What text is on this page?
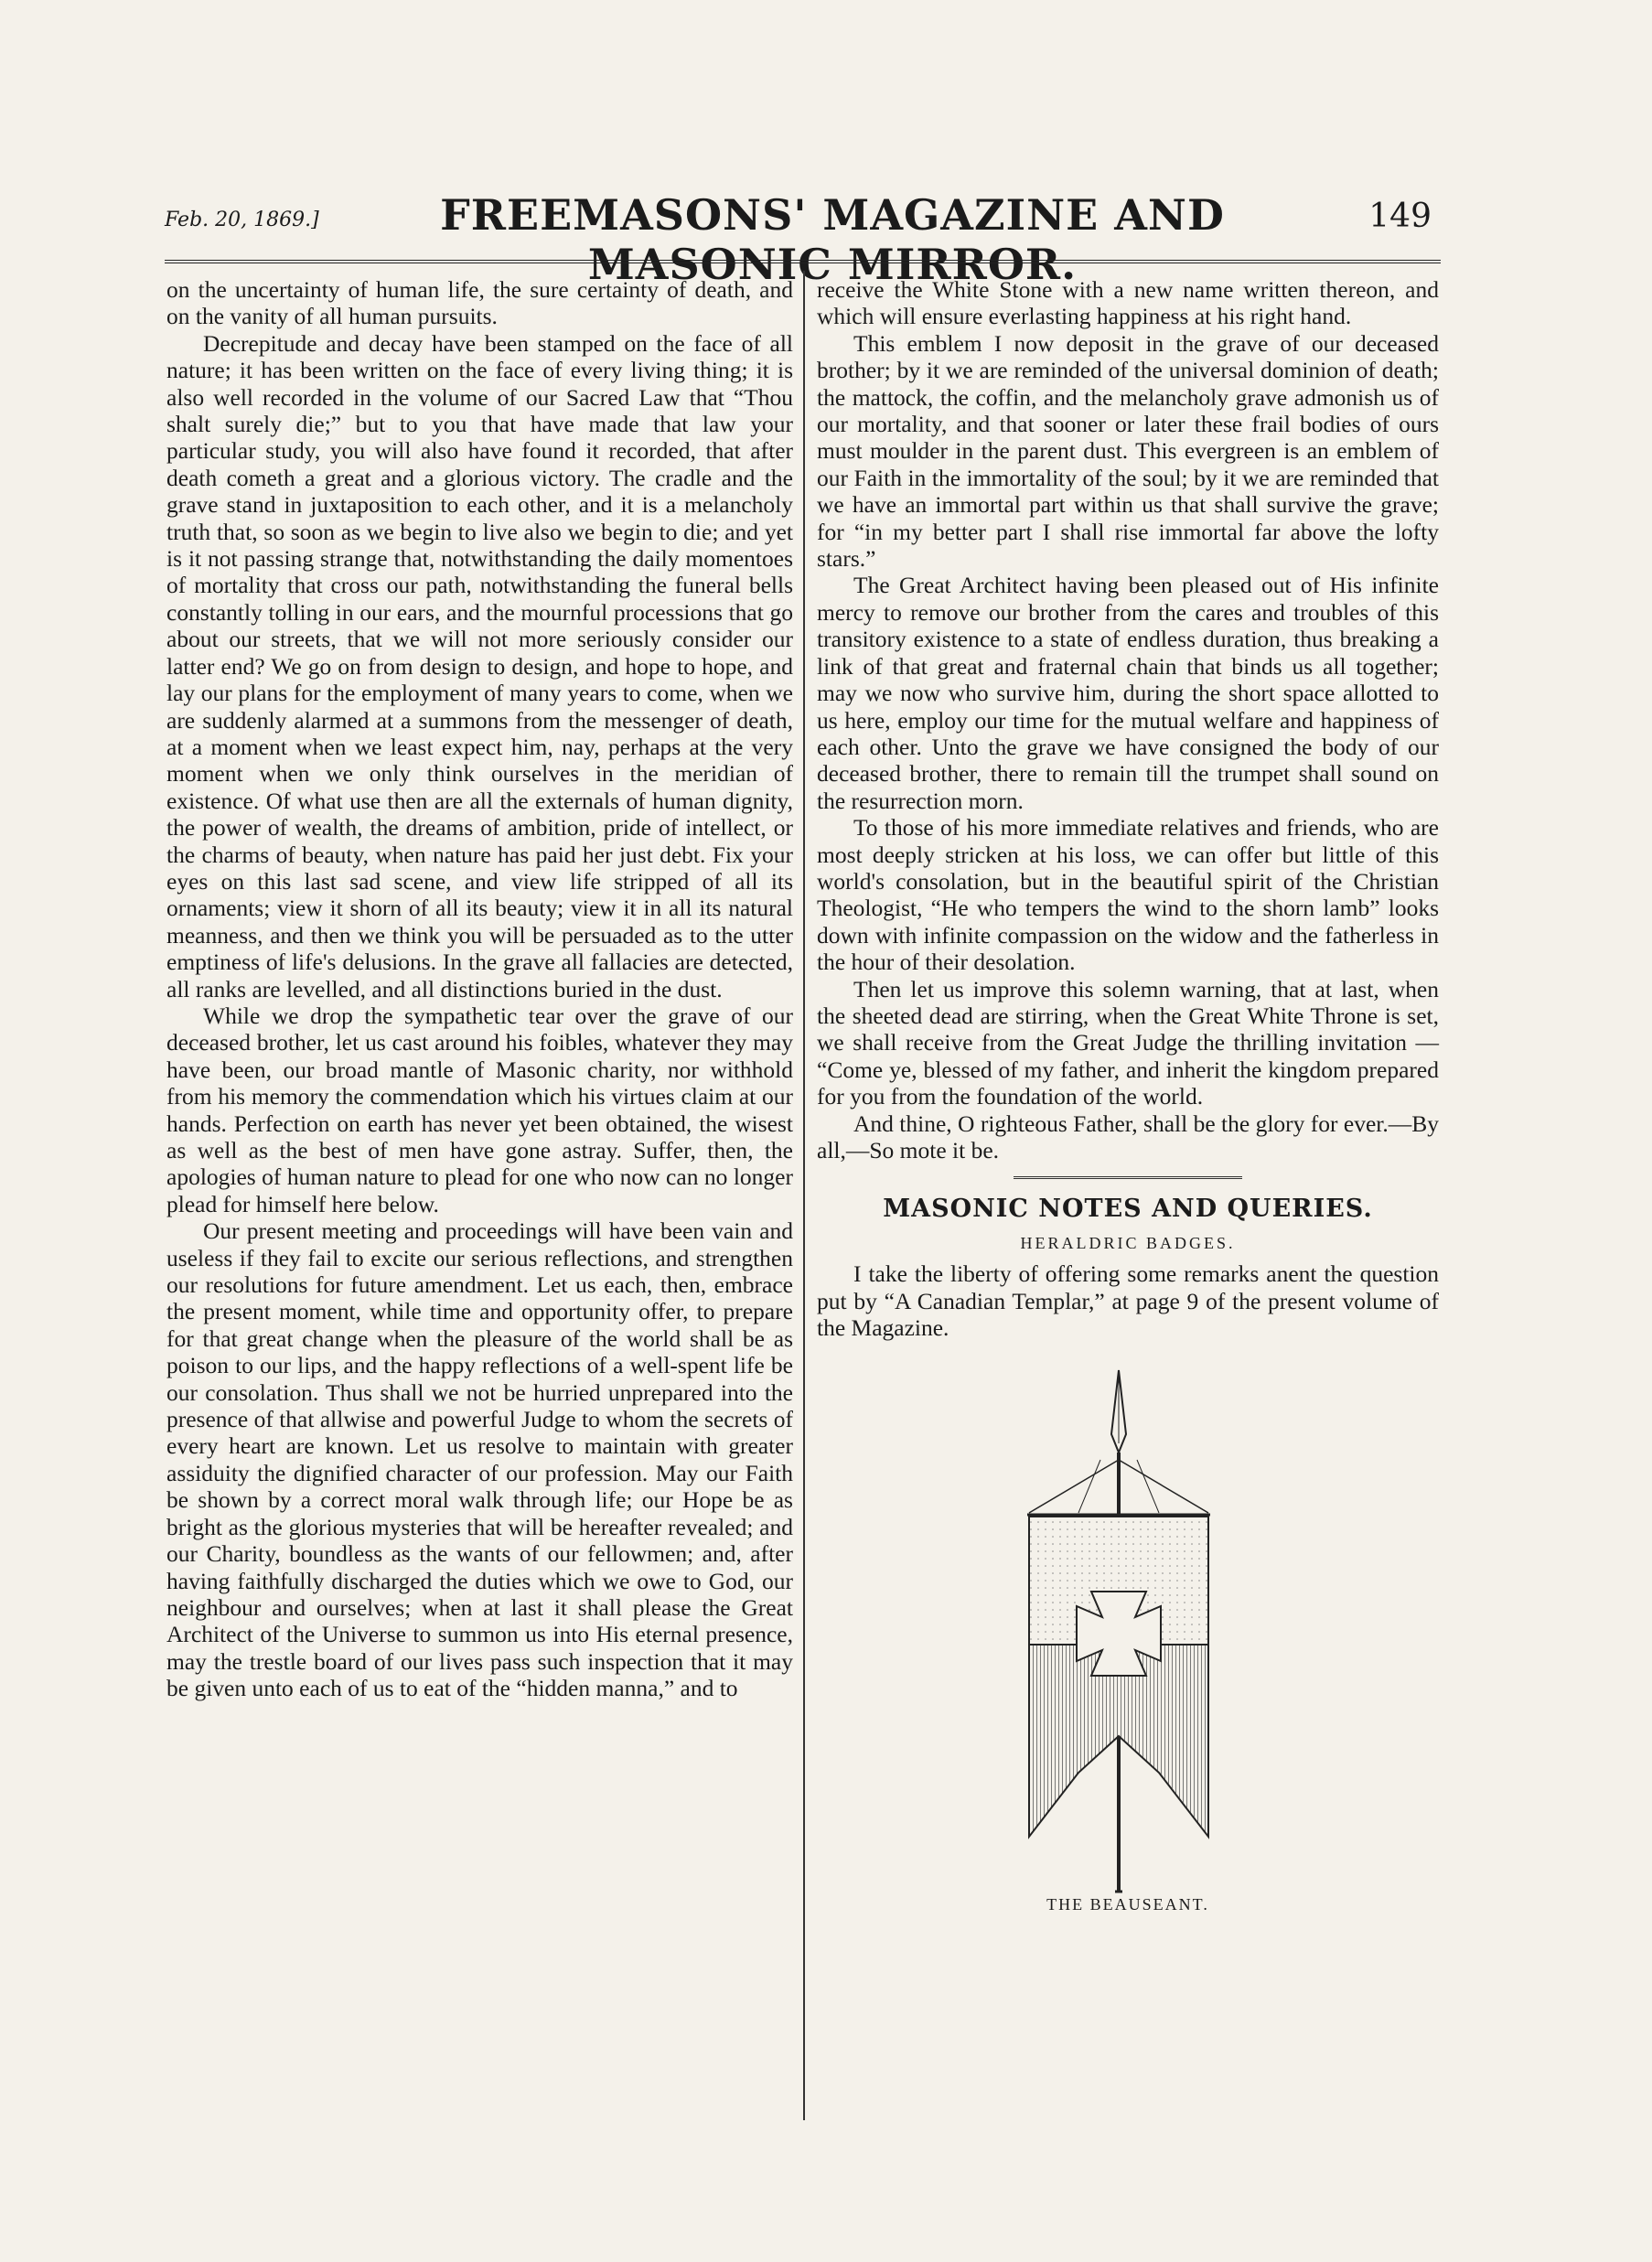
Feb. 20, 1869.]	FREEMASONS' MAGAZINE AND MASONIC MIRROR.
149

on the uncertainty of human life, the sure certainty of death, and on the vanity of all human pursuits.

Decrepitude and decay have been stamped on the face of all nature; it has been written on the face of every living thing; it is also well recorded in the volume of our Sacred Law that “Thou shalt surely die;” but to you that have made that law your particular study, you will also have found it recorded, that after death cometh a great and a glorious victory. The cradle and the grave stand in juxtaposition to each other, and it is a melancholy truth that, so soon as we begin to live also we begin to die; and yet is it not passing strange that, notwithstanding the daily momentoes of mortality that cross our path, notwithstanding the funeral bells constantly tolling in our ears, and the mournful processions that go about our streets, that we will not more seriously consider our latter end? We go on from design to design, and hope to hope, and lay our plans for the employment of many years to come, when we are suddenly alarmed at a summons from the messenger of death, at a moment when we least expect him, nay, perhaps at the very moment when we only think ourselves in the meridian of existence. Of what use then are all the externals of human dignity, the power of wealth, the dreams of ambition, pride of intellect, or the charms of beauty, when nature has paid her just debt. Fix your eyes on this last sad scene, and view life stripped of all its ornaments; view it shorn of all its beauty; view it in all its natural meanness, and then we think you will be persuaded as to the utter emptiness of life's delusions. In the grave all fallacies are detected, all ranks are levelled, and all distinctions buried in the dust.

While we drop the sympathetic tear over the grave of our deceased brother, let us cast around his foibles, whatever they may have been, our broad mantle of Masonic charity, nor withhold from his memory the commendation which his virtues claim at our hands. Perfection on earth has never yet been obtained, the wisest as well as the best of men have gone astray. Suffer, then, the apologies of human nature to plead for one who now can no longer plead for himself here below.

Our present meeting and proceedings will have been vain and useless if they fail to excite our serious reflections, and strengthen our resolutions for future amendment. Let us each, then, embrace the present moment, while time and opportunity offer, to prepare for that great change when the pleasure of the world shall be as poison to our lips, and the happy reflections of a well-spent life be our consolation. Thus shall we not be hurried unprepared into the presence of that allwise and powerful Judge to whom the secrets of every heart are known. Let us resolve to maintain with greater assiduity the dignified character of our profession. May our Faith be shown by a correct moral walk through life; our Hope be as bright as the glorious mysteries that will be hereafter revealed; and our Charity, boundless as the wants of our fellowmen; and, after having faithfully discharged the duties which we owe to God, our neighbour and ourselves; when at last it shall please the Great Architect of the Universe to summon us into His eternal presence, may the trestle board of our lives pass such inspection that it may be given unto each of us to eat of the “hidden manna,” and to

receive the White Stone with a new name written thereon, and which will ensure everlasting happiness at his right hand.

This emblem I now deposit in the grave of our deceased brother; by it we are reminded of the universal dominion of death; the mattock, the coffin, and the melancholy grave admonish us of our mortality, and that sooner or later these frail bodies of ours must moulder in the parent dust. This evergreen is an emblem of our Faith in the immortality of the soul; by it we are reminded that we have an immortal part within us that shall survive the grave; for “in my better part I shall rise immortal far above the lofty stars.”

The Great Architect having been pleased out of His infinite mercy to remove our brother from the cares and troubles of this transitory existence to a state of endless duration, thus breaking a link of that great and fraternal chain that binds us all together; may we now who survive him, during the short space allotted to us here, employ our time for the mutual welfare and happiness of each other. Unto the grave we have consigned the body of our deceased brother, there to remain till the trumpet shall sound on the resurrection morn.

To those of his more immediate relatives and friends, who are most deeply stricken at his loss, we can offer but little of this world's consolation, but in the beautiful spirit of the Christian Theologist, “He who tempers the wind to the shorn lamb” looks down with infinite compassion on the widow and the fatherless in the hour of their desolation.

Then let us improve this solemn warning, that at last, when the sheeted dead are stirring, when the Great White Throne is set, we shall receive from the Great Judge the thrilling invitation — “Come ye, blessed of my father, and inherit the kingdom prepared for you from the foundation of the world.

And thine, O righteous Father, shall be the glory for ever.—By all,—So mote it be.

MASONIC NOTES AND QUERIES.
HERALDRIC BADGES.

I take the liberty of offering some remarks anent the question put by “A Canadian Templar,” at page 9 of the present volume of the Magazine.

THE BEAUSEANT.
